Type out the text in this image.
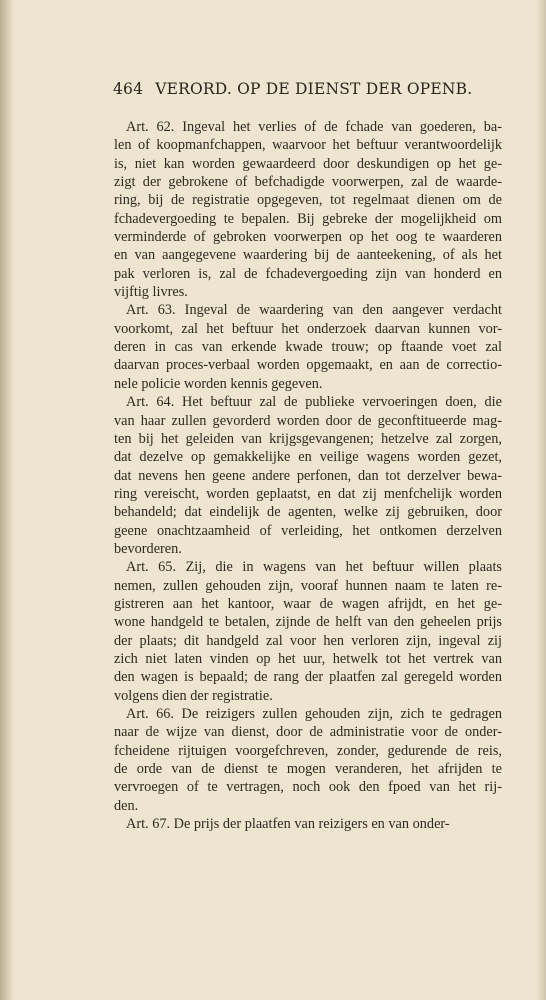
464 VERORD. OP DE DIENST DER OPENB.

Art. 62. Ingeval het verlies of de fchade van goederen, ba-
len of koopmanfchappen, waarvoor het beftuur verantwoordelijk
is, niet kan worden gewaardeerd door deskundigen op het ge-
zigt der gebrokene of befchadigde voorwerpen, zal de waarde-
ring, bij de registratie opgegeven, tot regelmaat dienen om de
fchadevergoeding te bepalen. Bij gebreke der mogelijkheid om
verminderde of gebroken voorwerpen op het oog te waarderen
en van aangegevene waardering bij de aanteekening, of als het
pak verloren is, zal de fchadevergoeding zijn van honderd en
vijftig livres.

Art. 63. Ingeval de waardering van den aangever verdacht
voorkomt, zal het beftuur het onderzoek daarvan kunnen vor-
deren in cas van erkende kwade trouw; op ftaande voet zal
daarvan proces-verbaal worden opgemaakt, en aan de correctio-
nele policie worden kennis gegeven.

Art. 64. Het beftuur zal de publieke vervoeringen doen, die
van haar zullen gevorderd worden door de geconftitueerde mag-
ten bij het geleiden van krijgsgevangenen; hetzelve zal zorgen,
dat dezelve op gemakkelijke en veilige wagens worden gezet,
dat nevens hen geene andere perfonen, dan tot derzelver bewa-
ring vereischt, worden geplaatst, en dat zij menfchelijk worden
behandeld; dat eindelijk de agenten, welke zij gebruiken, door
geene onachtzaamheid of verleiding, het ontkomen derzelven
bevorderen.

Art. 65. Zij, die in wagens van het beftuur willen plaats
nemen, zullen gehouden zijn, vooraf hunnen naam te laten re-
gistreren aan het kantoor, waar de wagen afrijdt, en het ge-
wone handgeld te betalen, zijnde de helft van den geheelen prijs
der plaats; dit handgeld zal voor hen verloren zijn, ingeval zij
zich niet laten vinden op het uur, hetwelk tot het vertrek van
den wagen is bepaald; de rang der plaatfen zal geregeld worden
volgens dien der registratie.

Art. 66. De reizigers zullen gehouden zijn, zich te gedragen
naar de wijze van dienst, door de administratie voor de onder-
fcheidene rijtuigen voorgefchreven, zonder, gedurende de reis,
de orde van de dienst te mogen veranderen, het afrijden te
vervroegen of te vertragen, noch ook den fpoed van het rij-
den.

Art. 67. De prijs der plaatfen van reizigers en van onder-
